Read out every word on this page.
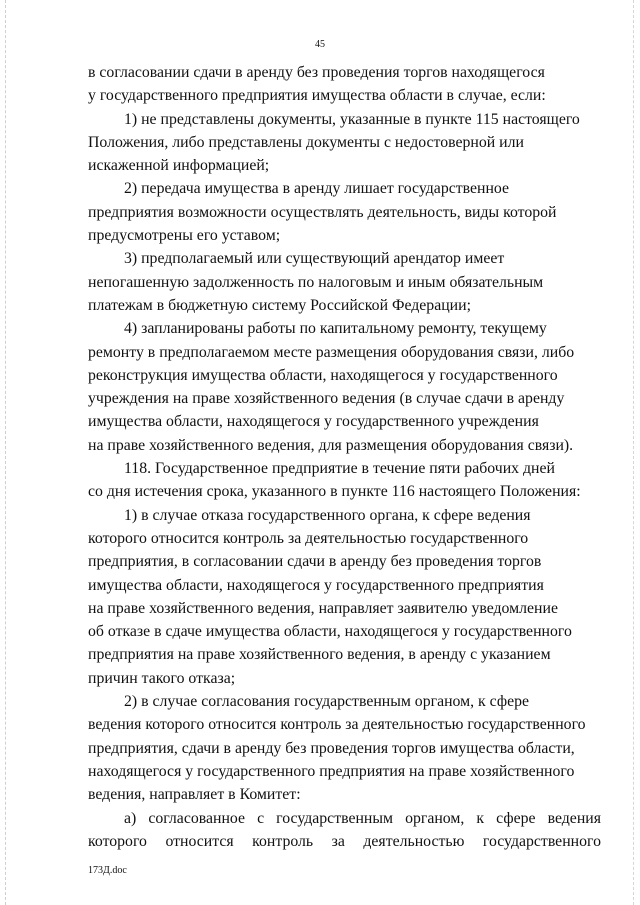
45

в согласовании сдачи в аренду без проведения торгов находящегося
у государственного предприятия имущества области в случае, если:

1) не представлены документы, указанные в пункте 115 настоящего
Положения, либо представлены документы с недостоверной или
искаженной информацией;

2) передача имущества в аренду лишает государственное
предприятия возможности осуществлять деятельность, виды которой
предусмотрены его уставом;

3) предполагаемый или существующий арендатор имеет
непогашенную задолженность по налоговым и иным обязательным
платежам в бюджетную систему Российской Федерации;

4) запланированы работы по капитальному ремонту, текущему
ремонту в предполагаемом месте размещения оборудования связи, либо
реконструкция имущества области, находящегося у государственного
учреждения на праве хозяйственного ведения (в случае сдачи в аренду
имущества области, находящегося у государственного учреждения
на праве хозяйственного ведения, для размещения оборудования связи).

118. Государственное предприятие в течение пяти рабочих дней
со дня истечения срока, указанного в пункте 116 настоящего Положения:

1) в случае отказа государственного органа, к сфере ведения
которого относится контроль за деятельностью государственного
предприятия, в согласовании сдачи в аренду без проведения торгов
имущества области, находящегося у государственного предприятия
на праве хозяйственного ведения, направляет заявителю уведомление
об отказе в сдаче имущества области, находящегося у государственного
предприятия на праве хозяйственного ведения, в аренду с указанием
причин такого отказа;

2) в случае согласования государственным органом, к сфере
ведения которого относится контроль за деятельностью государственного
предприятия, сдачи в аренду без проведения торгов имущества области,
находящегося у государственного предприятия на праве хозяйственного
ведения, направляет в Комитет:

а) согласованное с государственным органом, к сфере ведения
которого относится контроль за деятельностью государственного

173Д.doc
